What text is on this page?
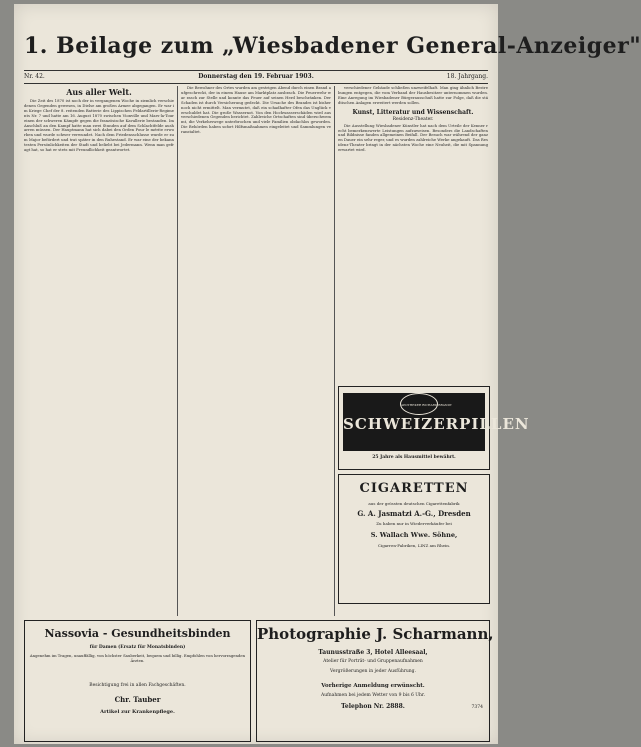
1. Beilage zum „Wiesbadener General-Anzeiger"
Nr. 42.	Donnerstag den 19. Februar 1903.	18. Jahrgang.
Aus aller Welt.

Die Zeit des 1870 ist noch der in vergangenen Woche in ziemlich verschiedenen Gegenden gewesen, in Dielse am großen Armee abgegangen. Er war im Kriege Chef der 8. reitenden Batterie des Lippischen Feldartillerie-Regiments Nr. 7 und hatte am 16. August 1870 zwischen Vionville und Mars-la-Tour einen der schweren Kämpfe gegen die französische Kavallerie bestanden. Im Anschluß an den Kampf hatte man zwei Stunden auf dem Schlachtfelde ausharren müssen. Der Hauptmann hat sich dabei den Orden Pour le mérite erworben und wurde schwer verwundet. Nach dem Friedensschlusse wurde er zum Major befördert und trat später in den Ruhestand. Er war eine der bekanntesten Persönlichkeiten der Stadt und beliebt bei Jedermann. Wenn man gefragt hat, so hat er stets mit Freundlichkeit geantwortet.

Die Bewohner des Ortes wurden am gestrigen Abend durch einen Brand aufgeschreckt, der in einem Hause am Marktplatz ausbrach. Die Feuerwehr war rasch zur Stelle und konnte das Feuer auf seinen Herd beschränken. Der Schaden ist durch Versicherung gedeckt. Die Ursache des Brandes ist bisher noch nicht ermittelt. Man vermutet, daß ein schadhafter Ofen das Unglück verschuldet hat. Die große Wassernot. Von den Hochwasserschäden wird aus verschiedenen Gegenden berichtet. Zahlreiche Ortschaften sind überschwemmt, die Verkehrswege unterbrochen und viele Familien obdachlos geworden. Die Behörden haben sofort Hilfsmaßnahmen eingeleitet und Sammlungen veranstaltet.

verschiedener Gebäude schließen unzweifelhaft. Man ging ähnlich Bestrebungen entgegen, die vom Verband der Hausbesitzer unternommen wurden. Eine Anregung im Wiesbadener Bürgerausschuß hatte zur Folge, daß die städtischen Anlagen erweitert werden sollen.

Kunst, Litteratur und Wissenschaft.
Residenz-Theater.

Die Ausstellung Wiesbadener Künstler hat nach dem Urteile der Kenner recht bemerkenswerte Leistungen aufzuweisen. Besonders die Landschaften und Bildnisse fanden allgemeinen Beifall. Der Besuch war während der ganzen Dauer ein sehr reger, und es wurden zahlreiche Werke angekauft. Das Residenz-Theater bringt in der nächsten Woche eine Neuheit, die mit Spannung erwartet wird.

APOTHEKER RICHARD BRANDT
SCHWEIZERPILLEN
25 Jahre als Hausmittel bewährt.
CIGARETTEN
aus der grössten deutschen Cigarettenfabrik
G. A. Jasmatzi A.-G., Dresden
Zu haben nur in Wiederverkäufer bei
S. Wallach Wwe. Söhne,
Cigarren-Fabriken, LINZ am Rhein.
Nassovia - Gesundheitsbinden
für Damen (Ersatz für Monatsbinden)
Angenehm im Tragen, unauffällig, von höchster Sauberkeit, bequem und billig. Empfohlen von hervorragenden Ärzten.
Besichtigung frei in allen Fachgeschäften.
Chr. Tauber
Artikel zur Krankenpflege.
Photographie J. Scharmann,
Taunusstraße 3, Hotel Alleesaal,
Atelier für Porträt- und Gruppenaufnahmen
Vergrößerungen in jeder Ausführung.
Vorherige Anmeldung erwünscht.
Aufnahmen bei jedem Wetter von 9 bis 6 Uhr.
Telephon Nr. 2888.	7374
